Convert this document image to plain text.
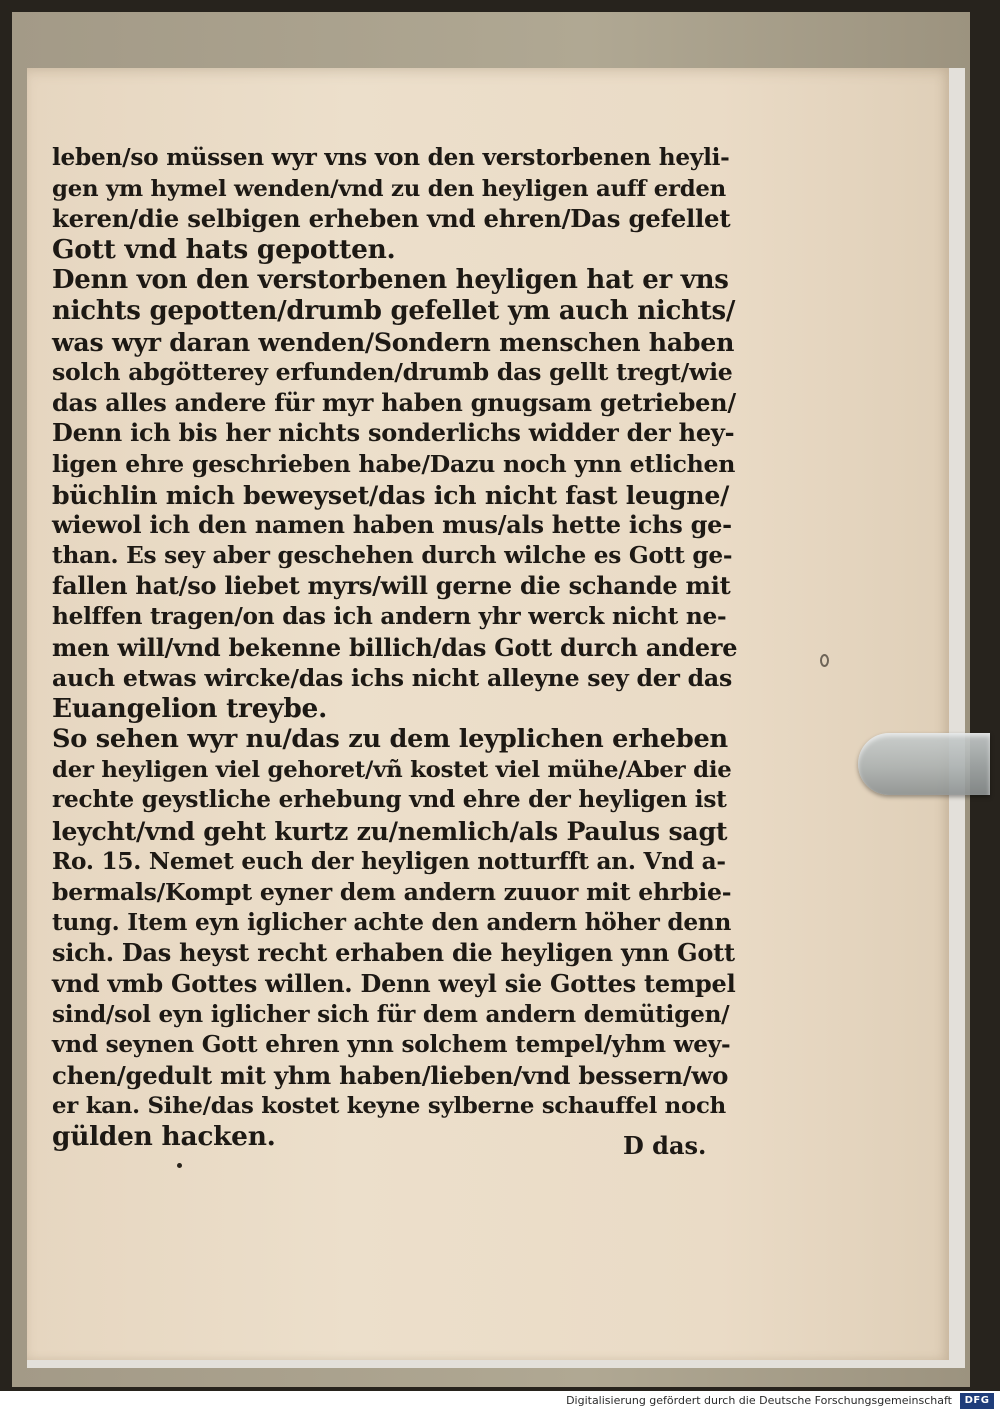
leben/so müssen wyr vns von den verstorbenen heyli-
gen ym hymel wenden/vnd zu den heyligen auff erden
keren/die selbigen erheben vnd ehren/Das gefellet
Gott vnd hats gepotten.
Denn von den verstorbenen heyligen hat er vns
nichts gepotten/drumb gefellet ym auch nichts/
was wyr daran wenden/Sondern menschen haben
solch abgötterey erfunden/drumb das gellt tregt/wie
das alles andere für myr haben gnugsam getrieben/
Denn ich bis her nichts sonderlichs widder der hey-
ligen ehre geschrieben habe/Dazu noch ynn etlichen
büchlin mich beweyset/das ich nicht fast leugne/
wiewol ich den namen haben mus/als hette ichs ge-
than. Es sey aber geschehen durch wilche es Gott ge-
fallen hat/so liebet myrs/will gerne die schande mit
helffen tragen/on das ich andern yhr werck nicht ne-
men will/vnd bekenne billich/das Gott durch andere
auch etwas wircke/das ichs nicht alleyne sey der das
Euangelion treybe.
So sehen wyr nu/das zu dem leyplichen erheben
der heyligen viel gehoret/vñ kostet viel mühe/Aber die
rechte geystliche erhebung vnd ehre der heyligen ist
leycht/vnd geht kurtz zu/nemlich/als Paulus sagt
Ro. 15. Nemet euch der heyligen notturfft an. Vnd a-
bermals/Kompt eyner dem andern zuuor mit ehrbie-
tung. Item eyn iglicher achte den andern höher denn
sich. Das heyst recht erhaben die heyligen ynn Gott
vnd vmb Gottes willen. Denn weyl sie Gottes tempel
sind/sol eyn iglicher sich für dem andern demütigen/
vnd seynen Gott ehren ynn solchem tempel/yhm wey-
chen/gedult mit yhm haben/lieben/vnd bessern/wo
er kan. Sihe/das kostet keyne sylberne schauffel noch
gülden hacken.	D das.
Digitalisierung gefördert durch die Deutsche Forschungsgemeinschaft	DFG
